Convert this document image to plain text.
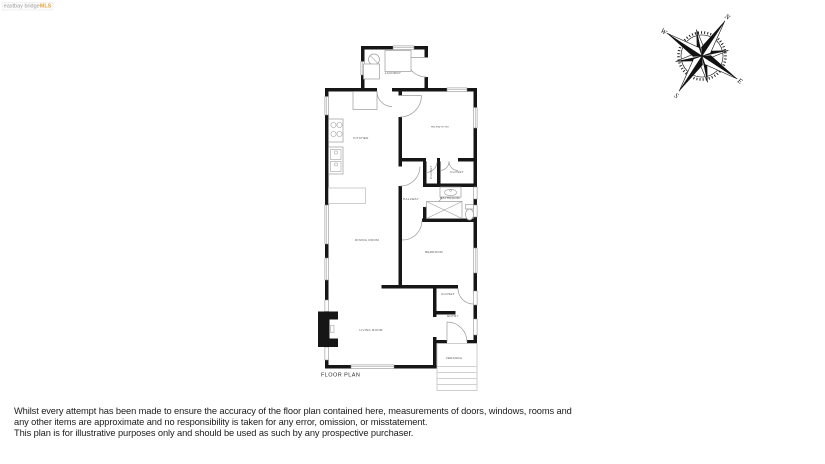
eastbay bridgeMLS
LAUNDRY
KITCHEN
BEDROOM
CLOSET CLOSET
HALLWAY BATHROOM
DINING ROOM
BEDROOM
CLOSET
ENTRY
LIVING ROOM
VERANDA
FLOOR PLAN
N
E
S
W
Whilst every attempt has been made to ensure the accuracy of the floor plan contained here, measurements of doors, windows, rooms and
any other items are approximate and no responsibility is taken for any error, omission, or misstatement.
This plan is for illustrative purposes only and should be used as such by any prospective purchaser.
